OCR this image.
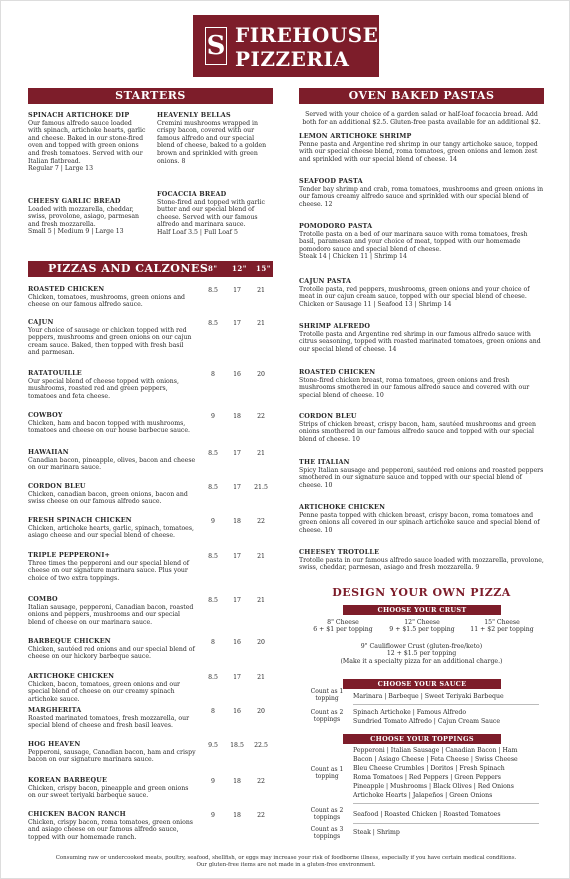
S FIREHOUSE
PIZZERIA
STARTERS
SPINACH ARTICHOKE DIP
Our famous alfredo sauce loaded with spinach, artichoke hearts, garlic and cheese. Baked in our stone-fired oven and topped with green onions and fresh tomatoes. Served with our Italian flatbread.
Regular 7 | Large 13
CHEESY GARLIC BREAD
Loaded with mozzarella, cheddar, swiss, provolone, asiago, parmesan and fresh mozzarella.
Small 5 | Medium 9 | Large 13
HEAVENLY BELLAS
Cremini mushrooms wrapped in crispy bacon, covered with our famous alfredo and our special blend of cheese, baked to a golden brown and sprinkled with green onions. 8
FOCACCIA BREAD
Stone-fired and topped with garlic butter and our special blend of cheese. Served with our famous alfredo and marinara sauce.
Half Loaf 3.5 | Full Loaf 5
PIZZAS AND CALZONES 8" 12" 15"
ROASTED CHICKEN
Chicken, tomatoes, mushrooms, green onions and cheese on our famous alfredo sauce.
8.5	17	21
CAJUN
Your choice of sausage or chicken topped with red peppers, mushrooms and green onions on our cajun cream sauce. Baked, then topped with fresh basil and parmesan.
8.5	17	21
RATATOUILLE
Our special blend of cheese topped with onions, mushrooms, roasted red and green peppers, tomatoes and feta cheese.
8	16	20
COWBOY
Chicken, ham and bacon topped with mushrooms, tomatoes and cheese on our house barbecue sauce.
9	18	22
HAWAIIAN
Canadian bacon, pineapple, olives, bacon and cheese on our marinara sauce.
8.5	17	21
CORDON BLEU
Chicken, canadian bacon, green onions, bacon and swiss cheese on our famous alfredo sauce.
8.5	17	21.5
FRESH SPINACH CHICKEN
Chicken, artichoke hearts, garlic, spinach, tomatoes, asiago cheese and our special blend of cheese.
9	18	22
TRIPLE PEPPERONI+
Three times the pepperoni and our special blend of cheese on our signature marinara sauce. Plus your choice of two extra toppings.
8.5	17	21
COMBO
Italian sausage, pepperoni, Canadian bacon, roasted onions and peppers, mushrooms and our special blend of cheese on our marinara sauce.
8.5	17	21
BARBEQUE CHICKEN
Chicken, sautéed red onions and our special blend of cheese on our hickory barbeque sauce.
8	16	20
ARTICHOKE CHICKEN
Chicken, bacon, tomatoes, green onions and our special blend of cheese on our creamy spinach artichoke sauce.
8.5	17	21
MARGHERITA
Roasted marinated tomatoes, fresh mozzarella, our special blend of cheese and fresh basil leaves.
8	16	20
HOG HEAVEN
Pepperoni, sausage, Canadian bacon, ham and crispy bacon on our signature marinara sauce.
9.5	18.5	22.5
KOREAN BARBEQUE
Chicken, crispy bacon, pineapple and green onions on our sweet teriyaki barbeque sauce.
9	18	22
CHICKEN BACON RANCH
Chicken, crispy bacon, roma tomatoes, green onions and asiago cheese on our famous alfredo sauce, topped with our homemade ranch.
9	18	22
OVEN BAKED PASTAS
Served with your choice of a garden salad or half-loaf focaccia bread. Add both for an additional $2.5. Gluten-free pasta available for an additional $2.
LEMON ARTICHOKE SHRIMP
Penne pasta and Argentine red shrimp in our tangy artichoke sauce, topped with our special cheese blend, roma tomatoes, green onions and lemon zest and sprinkled with our special blend of cheese. 14
SEAFOOD PASTA
Tender bay shrimp and crab, roma tomatoes, mushrooms and green onions in our famous creamy alfredo sauce and sprinkled with our special blend of cheese. 12
POMODORO PASTA
Trotolle pasta on a bed of our marinara sauce with roma tomatoes, fresh basil, paramesan and your choice of meat, topped with our homemade pomodoro sauce and special blend of cheese.
Steak 14 | Chicken 11 | Shrimp 14
CAJUN PASTA
Trotolle pasta, red peppers, mushrooms, green onions and your choice of meat in our cajun cream sauce, topped with our special blend of cheese.
Chicken or Sausage 11 | Seafood 13 | Shrimp 14
SHRIMP ALFREDO
Trotolle pasta and Argentine red shrimp in our famous alfredo sauce with citrus seasoning, topped with roasted marinated tomatoes, green onions and our special blend of cheese. 14
ROASTED CHICKEN
Stone-fired chicken breast, roma tomatoes, green onions and fresh mushrooms smothered in our famous alfredo sauce and covered with our special blend of cheese. 10
CORDON BLEU
Strips of chicken breast, crispy bacon, ham, sautéed mushrooms and green onions smothered in our famous alfredo sauce and topped with our special blend of cheese. 10
THE ITALIAN
Spicy Italian sausage and pepperoni, sautéed red onions and roasted peppers smothered in our signature sauce and topped with our special blend of cheese. 10
ARTICHOKE CHICKEN
Penne pasta topped with chicken breast, crispy bacon, roma tomatoes and green onions all covered in our spinach artichoke sauce and special blend of cheese. 10
CHEESEY TROTOLLE
Trotolle pasta in our famous alfredo sauce loaded with mozzarella, provolone, swiss, cheddar, parmesan, asiago and fresh mozzarella. 9
DESIGN YOUR OWN PIZZA
CHOOSE YOUR CRUST
8" Cheese
6 + $1 per topping
12" Cheese
9 + $1.5 per topping
15" Cheese
11 + $2 per topping
9" Cauliflower Crust (gluten-free/keto)
12 + $1.5 per topping
(Make it a specialty pizza for an additional charge.)
CHOOSE YOUR SAUCE
Count as 1 topping	Marinara | Barbeque | Sweet Teriyaki Barbeque
Count as 2 toppings
Spinach Artichoke | Famous Alfredo
Sundried Tomato Alfredo | Cajun Cream Sauce
CHOOSE YOUR TOPPINGS
Count as 1 topping
Pepperoni | Italian Sausage | Canadian Bacon | Ham
Bacon | Asiago Cheese | Feta Cheese | Swiss Cheese
Bleu Cheese Crumbles | Doritos | Fresh Spinach
Roma Tomatoes | Red Peppers | Green Peppers
Pineapple | Mushrooms | Black Olives | Red Onions
Artichoke Hearts | Jalapeños | Green Onions
Count as 2 toppings	Seafood | Roasted Chicken | Roasted Tomatoes
Count as 3 toppings
Steak | Shrimp
Consuming raw or undercooked meats, poultry, seafood, shellfish, or eggs may increase your risk of foodborne illness, especially if you have certain medical conditions.
Our gluten-free items are not made in a gluten-free environment.
